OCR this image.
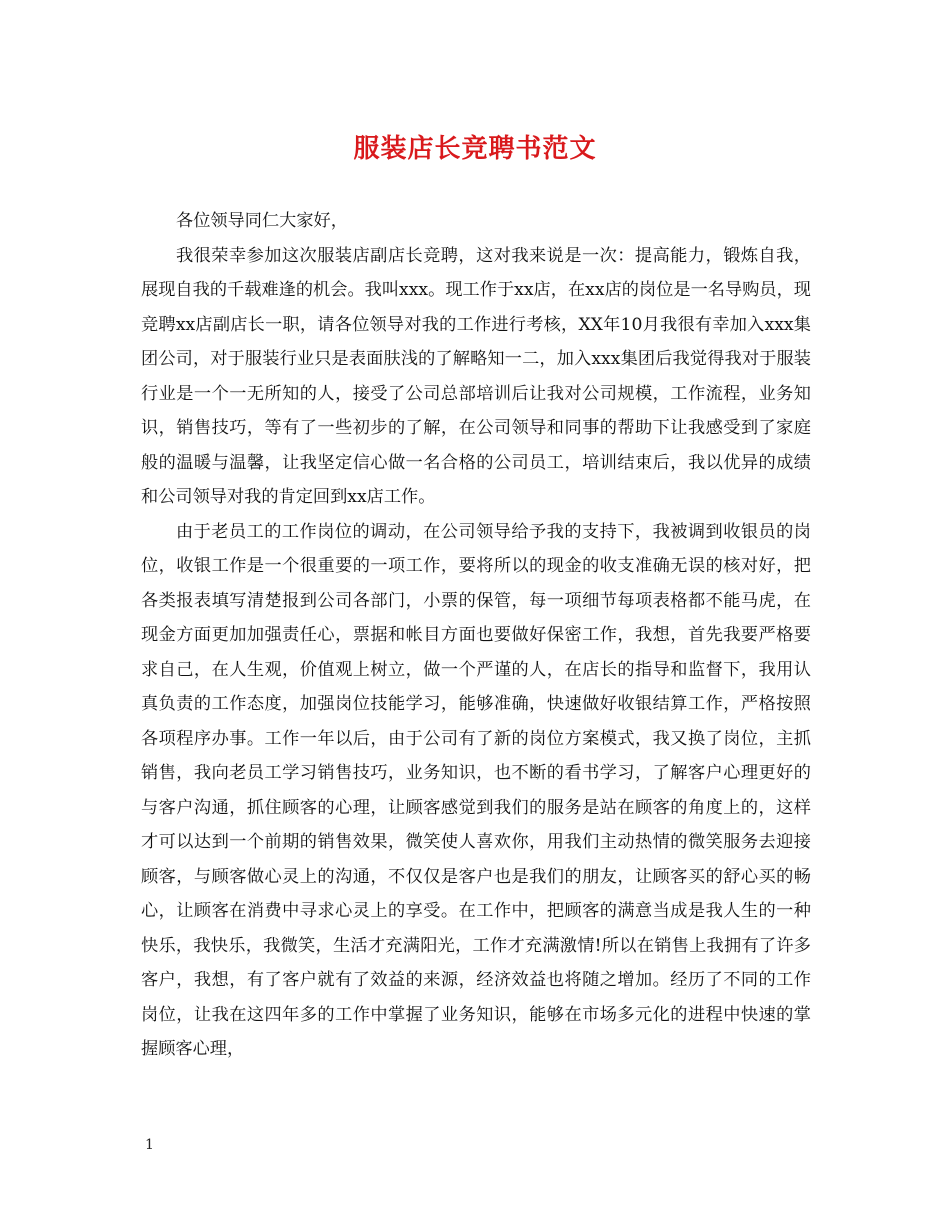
服装店长竞聘书范文

各位领导同仁大家好，

我很荣幸参加这次服装店副店长竞聘，这对我来说是一次：提高能力，锻炼自我，展现自我的千载难逢的机会。我叫xxx。现工作于xx店，在xx店的岗位是一名导购员，现竞聘xx店副店长一职，请各位领导对我的工作进行考核，XX年10月我很有幸加入xxx集团公司，对于服装行业只是表面肤浅的了解略知一二，加入xxx集团后我觉得我对于服装行业是一个一无所知的人，接受了公司总部培训后让我对公司规模，工作流程，业务知识，销售技巧，等有了一些初步的了解，在公司领导和同事的帮助下让我感受到了家庭般的温暖与温馨，让我坚定信心做一名合格的公司员工，培训结束后，我以优异的成绩和公司领导对我的肯定回到xx店工作。

由于老员工的工作岗位的调动，在公司领导给予我的支持下，我被调到收银员的岗位，收银工作是一个很重要的一项工作，要将所以的现金的收支准确无误的核对好，把各类报表填写清楚报到公司各部门，小票的保管，每一项细节每项表格都不能马虎，在现金方面更加加强责任心，票据和帐目方面也要做好保密工作，我想，首先我要严格要求自己，在人生观，价值观上树立，做一个严谨的人，在店长的指导和监督下，我用认真负责的工作态度，加强岗位技能学习，能够准确，快速做好收银结算工作，严格按照各项程序办事。工作一年以后，由于公司有了新的岗位方案模式，我又换了岗位，主抓销售，我向老员工学习销售技巧，业务知识，也不断的看书学习，了解客户心理更好的与客户沟通，抓住顾客的心理，让顾客感觉到我们的服务是站在顾客的角度上的，这样才可以达到一个前期的销售效果，微笑使人喜欢你，用我们主动热情的微笑服务去迎接顾客，与顾客做心灵上的沟通，不仅仅是客户也是我们的朋友，让顾客买的舒心买的畅心，让顾客在消费中寻求心灵上的享受。在工作中，把顾客的满意当成是我人生的一种快乐，我快乐，我微笑，生活才充满阳光，工作才充满激情!所以在销售上我拥有了许多客户，我想，有了客户就有了效益的来源，经济效益也将随之增加。经历了不同的工作岗位，让我在这四年多的工作中掌握了业务知识，能够在市场多元化的进程中快速的掌握顾客心理，

1
